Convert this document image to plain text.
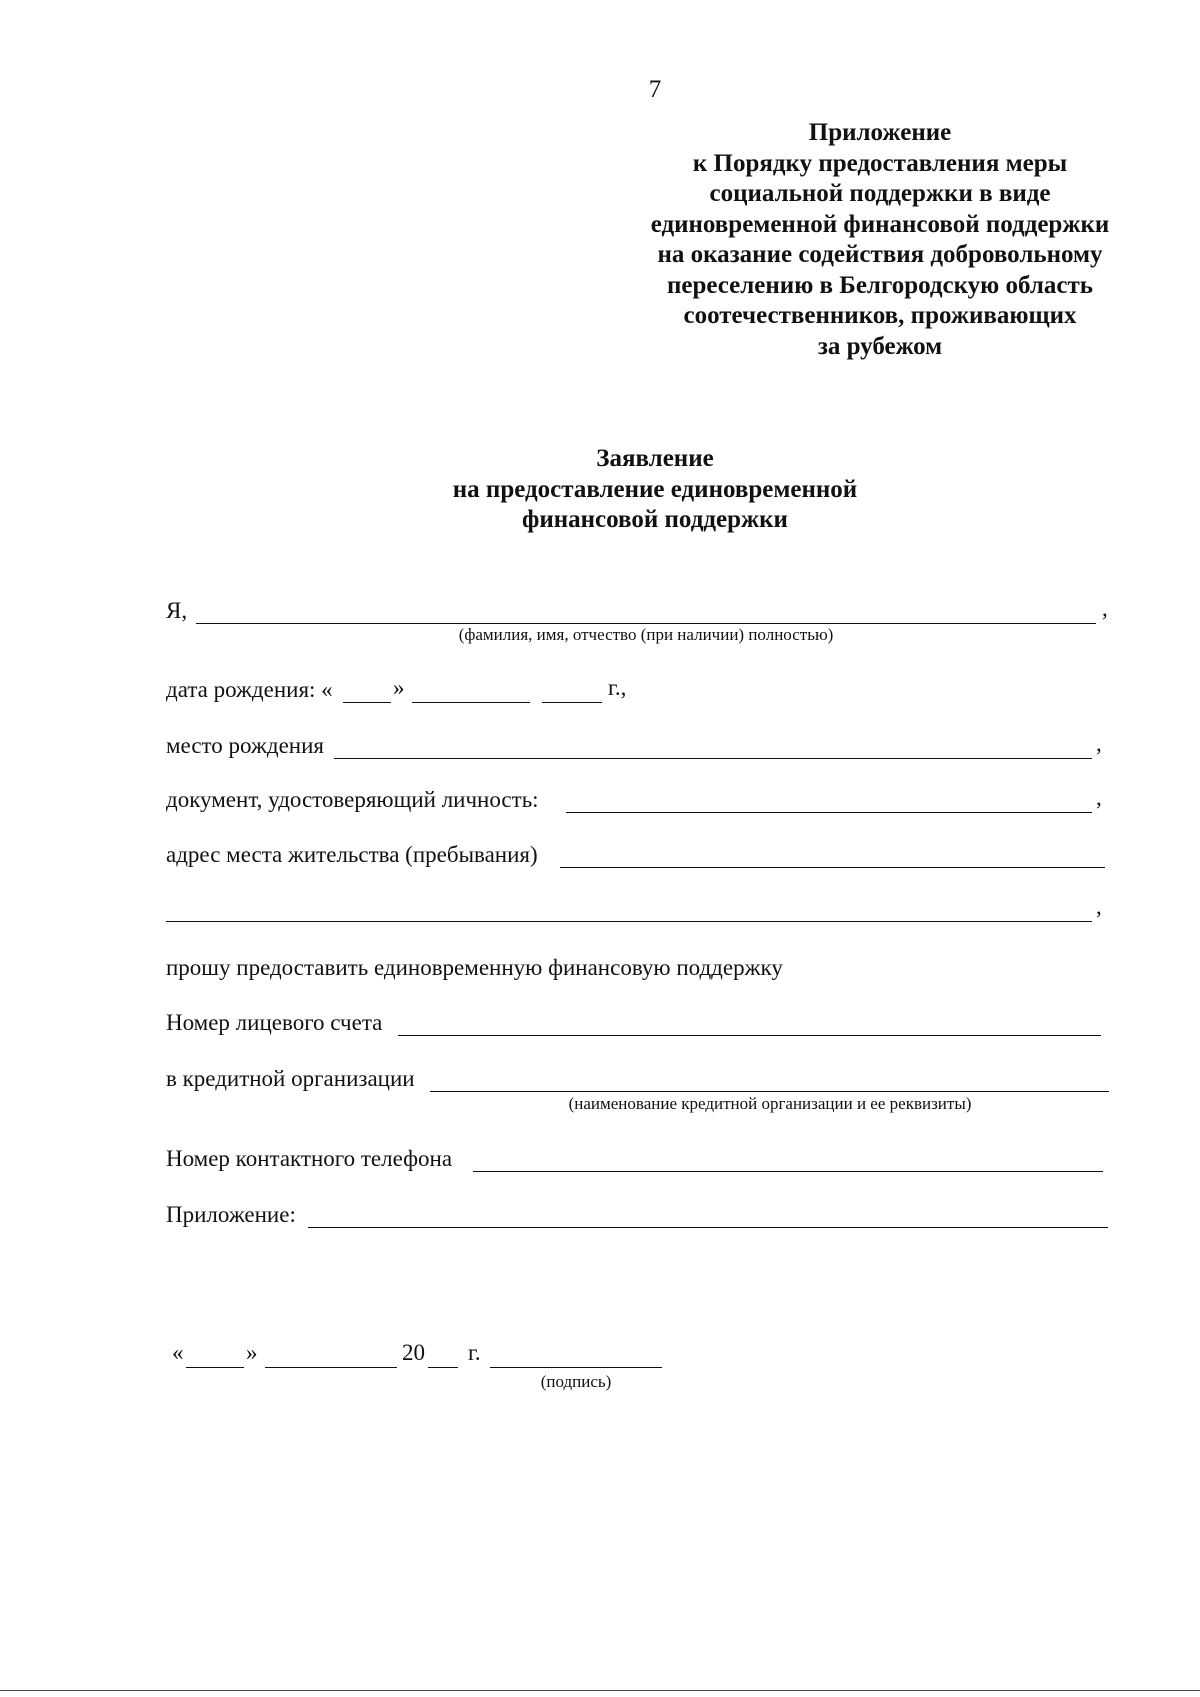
7
Приложение
к Порядку предоставления меры
социальной поддержки в виде
единовременной финансовой поддержки
на оказание содействия добровольному
переселению в Белгородскую область
соотечественников, проживающих
за рубежом
Заявление
на предоставление единовременной
финансовой поддержки
Я,	,
(фамилия, имя, отчество (при наличии) полностью)
дата рождения: «	»	г.,
место рождения	,
документ, удостоверяющий личность:	,
адрес места жительства (пребывания)
,
прошу предоставить единовременную финансовую поддержку
Номер лицевого счета
в кредитной организации
(наименование кредитной организации и ее реквизиты)
Номер контактного телефона
Приложение:
«	»	20 г.
(подпись)
